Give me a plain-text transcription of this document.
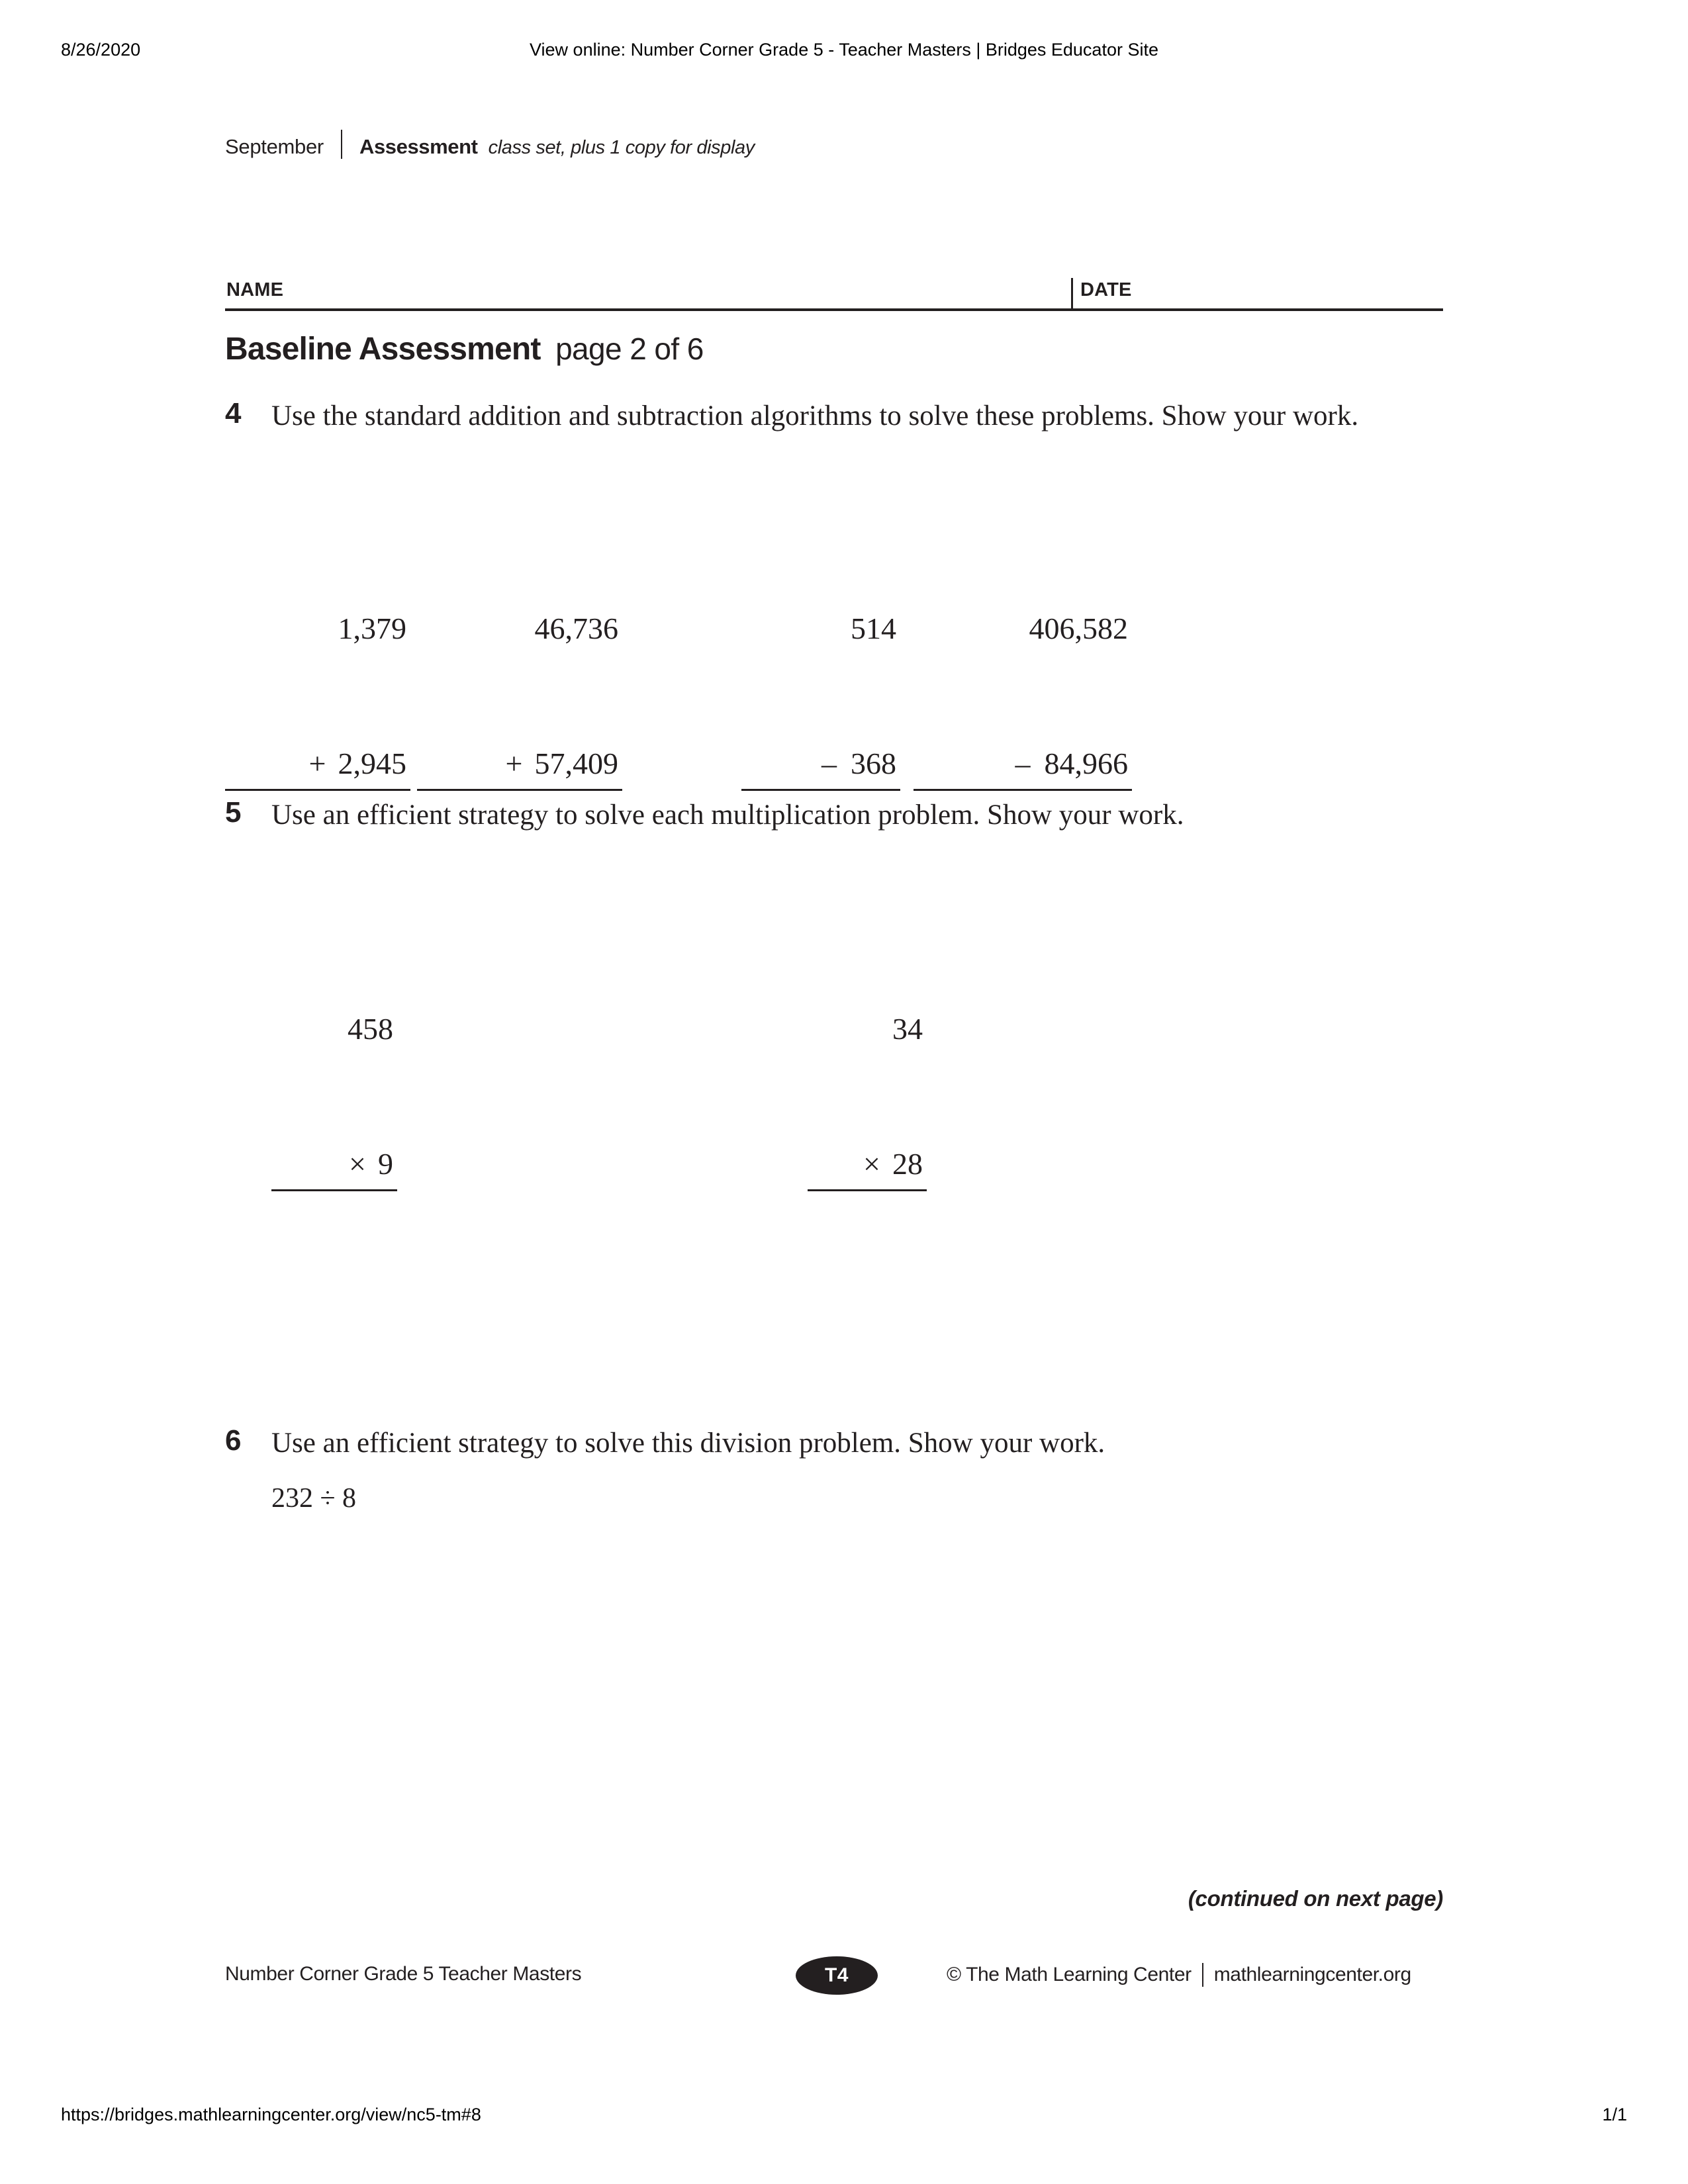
8/26/2020	View online: Number Corner Grade 5 - Teacher Masters | Bridges Educator Site
September Assessment class set, plus 1 copy for display
NAME	DATE
Baseline Assessment page 2 of 6
4	Use the standard addition and subtraction algorithms to solve these problems. Show your work.

1,379

+ 2,945

46,736

+ 57,409

514

– 368

406,582

– 84,966

5	Use an efficient strategy to solve each multiplication problem. Show your work.

458

× 9

34

× 28

6	Use an efficient strategy to solve this division problem. Show your work.
232 ÷ 8
(continued on next page)
Number Corner Grade 5 Teacher Masters	T4	© The Math Learning Center mathlearningcenter.org
https://bridges.mathlearningcenter.org/view/nc5-tm#8	1/1
